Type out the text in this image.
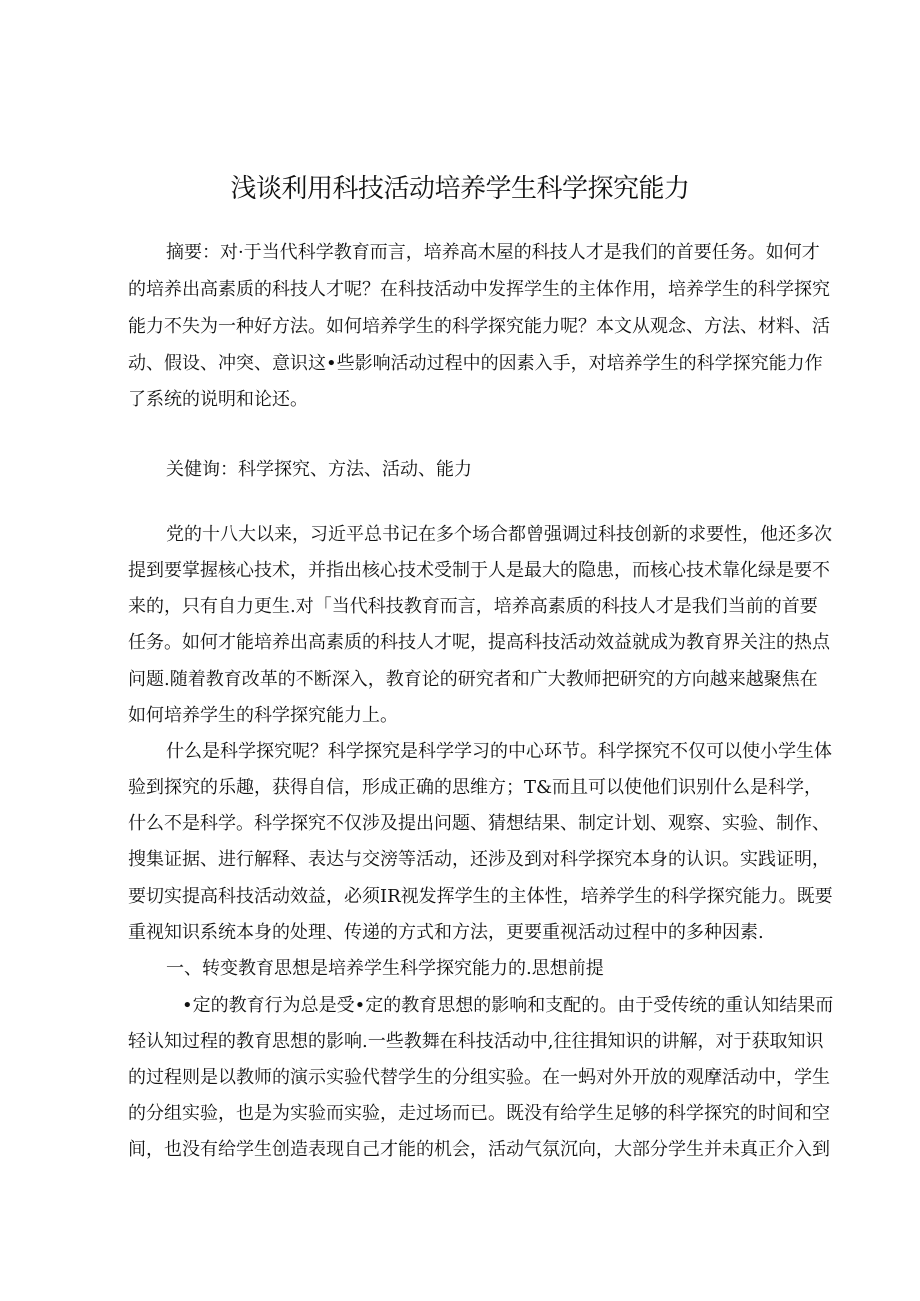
浅谈利用科技活动培养学生科学探究能力
摘要：对·于当代科学教育而言，培养高木屋的科技人才是我们的首要任务。如何才
的培养出高素质的科技人才呢？在科技活动中发挥学生的主体作用，培养学生的科学探究
能力不失为一种好方法。如何培养学生的科学探究能力呢？本文从观念、方法、材料、活
动、假设、冲突、意识这•些影响活动过程中的因素入手，对培养学生的科学探究能力作
了系统的说明和论还。
关健询：科学探究、方法、活动、能力
党的十八大以来，习近平总书记在多个场合都曾强调过科技创新的求要性，他还多次
提到要掌握核心技术，并指出核心技术受制于人是最大的隐患，而核心技术靠化绿是要不
来的，只有自力更生.对「当代科技教育而言，培养高素质的科技人才是我们当前的首要
任务。如何才能培养出高素质的科技人才呢，提高科技活动效益就成为教育界关注的热点
问题.随着教育改革的不断深入，教育论的研究者和广大教师把研究的方向越来越聚焦在
如何培养学生的科学探究能力上。
什么是科学探究呢？科学探究是科学学习的中心环节。科学探究不仅可以使小学生体
验到探究的乐趣，获得自信，形成正确的思维方；T&而且可以使他们识别什么是科学，
什么不是科学。科学探究不仅涉及提出问题、猜想结果、制定计划、观察、实验、制作、
搜集证据、进行解释、表达与交滂等活动，还涉及到对科学探究本身的认识。实践证明，
要切实提高科技活动效益，必须IR视发挥学生的主体性，培养学生的科学探究能力。既要
重视知识系统本身的处理、传递的方式和方法，更要重视活动过程中的多种因素.
一、转变教育思想是培养学生科学探究能力的.思想前提
•定的教育行为总是受•定的教育思想的影响和支配的。由于受传统的重认知结果而
轻认知过程的教育思想的影响.一些教舞在科技活动中,往往揖知识的讲解，对于获取知识
的过程则是以教师的演示实验代替学生的分组实验。在一蚂对外开放的观摩活动中，学生
的分组实验，也是为实验而实验，走过场而已。既没有给学生足够的科学探究的时间和空
间，也没有给学生创造表现自己才能的机会，活动气氛沉向，大部分学生并未真正介入到
